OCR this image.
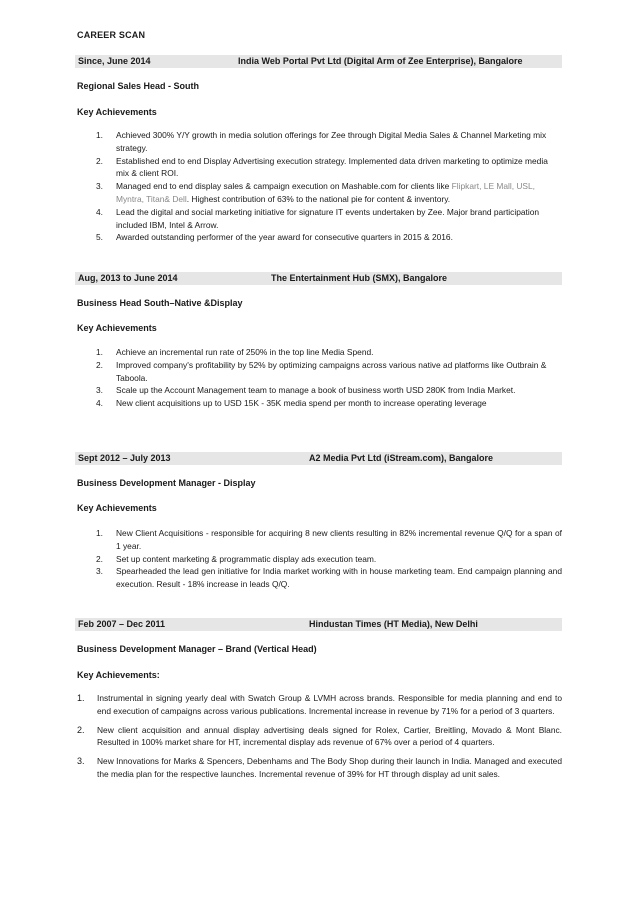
CAREER SCAN
Since, June 2014	India Web Portal Pvt Ltd (Digital Arm of Zee Enterprise), Bangalore
Regional Sales Head - South
Key Achievements
1. Achieved 300% Y/Y growth in media solution offerings for Zee through Digital Media Sales & Channel Marketing mix strategy.
2. Established end to end Display Advertising execution strategy. Implemented data driven marketing to optimize media mix & client ROI.
3. Managed end to end display sales & campaign execution on Mashable.com for clients like Flipkart, LE Mall, USL, Myntra, Titan& Dell. Highest contribution of 63% to the national pie for content & inventory.
4. Lead the digital and social marketing initiative for signature IT events undertaken by Zee. Major brand participation included IBM, Intel & Arrow.
5. Awarded outstanding performer of the year award for consecutive quarters in 2015 & 2016.
Aug, 2013 to June 2014	The Entertainment Hub (SMX), Bangalore
Business Head South–Native &Display
Key Achievements
1. Achieve an incremental run rate of 250% in the top line Media Spend.
2. Improved company's profitability by 52% by optimizing campaigns across various native ad platforms like Outbrain & Taboola.
3. Scale up the Account Management team to manage a book of business worth USD 280K from India Market.
4. New client acquisitions up to USD 15K - 35K media spend per month to increase operating leverage
Sept 2012 – July 2013	A2 Media Pvt Ltd (iStream.com), Bangalore
Business Development Manager - Display
Key Achievements
1. New Client Acquisitions - responsible for acquiring 8 new clients resulting in 82% incremental revenue Q/Q for a span of 1 year.
2. Set up content marketing & programmatic display ads execution team.
3. Spearheaded the lead gen initiative for India market working with in house marketing team. End campaign planning and execution. Result - 18% increase in leads Q/Q.
Feb 2007 – Dec 2011	Hindustan Times (HT Media), New Delhi
Business Development Manager – Brand (Vertical Head)
Key Achievements:
1. Instrumental in signing yearly deal with Swatch Group & LVMH across brands. Responsible for media planning and end to end execution of campaigns across various publications. Incremental increase in revenue by 71% for a period of 3 quarters.
2. New client acquisition and annual display advertising deals signed for Rolex, Cartier, Breitling, Movado & Mont Blanc. Resulted in 100% market share for HT, incremental display ads revenue of 67% over a period of 4 quarters.
3. New Innovations for Marks & Spencers, Debenhams and The Body Shop during their launch in India. Managed and executed the media plan for the respective launches. Incremental revenue of 39% for HT through display ad unit sales.
